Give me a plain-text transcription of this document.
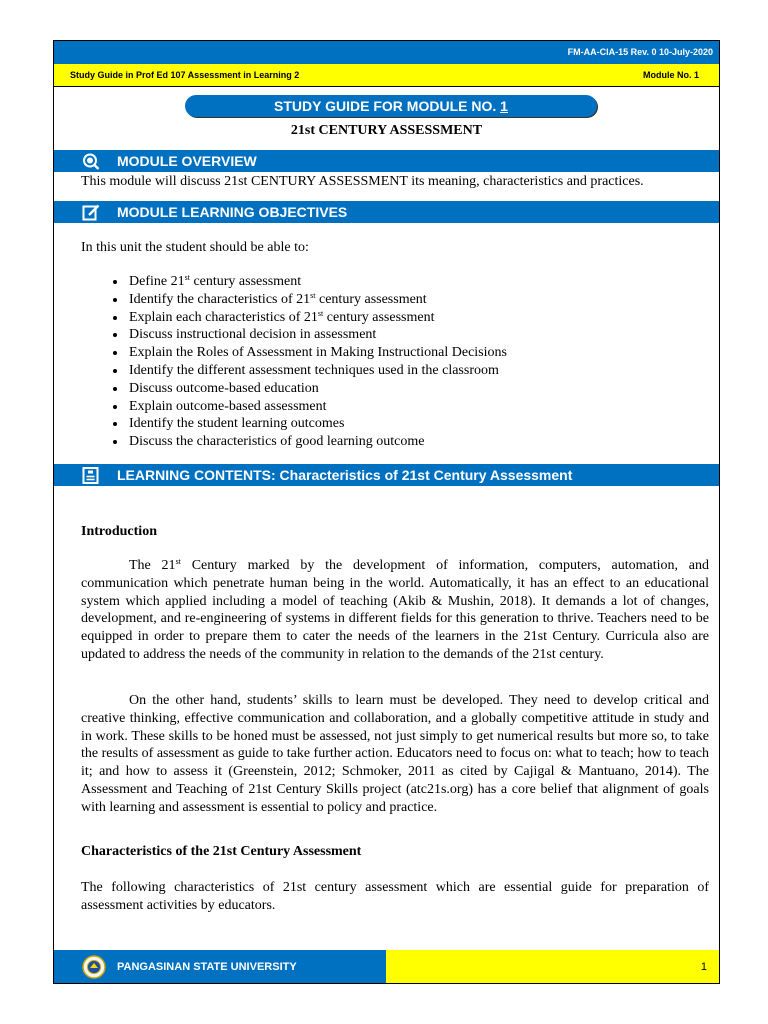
FM-AA-CIA-15 Rev. 0 10-July-2020
Study Guide in Prof Ed 107 Assessment in Learning 2	Module No. 1
STUDY GUIDE FOR MODULE NO. 1
21st CENTURY ASSESSMENT
MODULE OVERVIEW
This module will discuss 21st CENTURY ASSESSMENT its meaning, characteristics and practices.
MODULE LEARNING OBJECTIVES
In this unit the student should be able to:
• Define 21st century assessment
• Identify the characteristics of 21st century assessment
• Explain each characteristics of 21st century assessment
• Discuss instructional decision in assessment
• Explain the Roles of Assessment in Making Instructional Decisions
• Identify the different assessment techniques used in the classroom
• Discuss outcome-based education
• Explain outcome-based assessment
• Identify the student learning outcomes
• Discuss the characteristics of good learning outcome
LEARNING CONTENTS: Characteristics of 21st Century Assessment
Introduction

The 21st Century marked by the development of information, computers, automation, and communication which penetrate human being in the world. Automatically, it has an effect to an educational system which applied including a model of teaching (Akib & Mushin, 2018). It demands a lot of changes, development, and re-engineering of systems in different fields for this generation to thrive. Teachers need to be equipped in order to prepare them to cater the needs of the learners in the 21st Century. Curricula also are updated to address the needs of the community in relation to the demands of the 21st century.

On the other hand, students’ skills to learn must be developed. They need to develop critical and creative thinking, effective communication and collaboration, and a globally competitive attitude in study and in work. These skills to be honed must be assessed, not just simply to get numerical results but more so, to take the results of assessment as guide to take further action. Educators need to focus on: what to teach; how to teach it; and how to assess it (Greenstein, 2012; Schmoker, 2011 as cited by Cajigal & Mantuano, 2014). The Assessment and Teaching of 21st Century Skills project (atc21s.org) has a core belief that alignment of goals with learning and assessment is essential to policy and practice.

Characteristics of the 21st Century Assessment

The following characteristics of 21st century assessment which are essential guide for preparation of assessment activities by educators.

PANGASINAN STATE UNIVERSITY	1
